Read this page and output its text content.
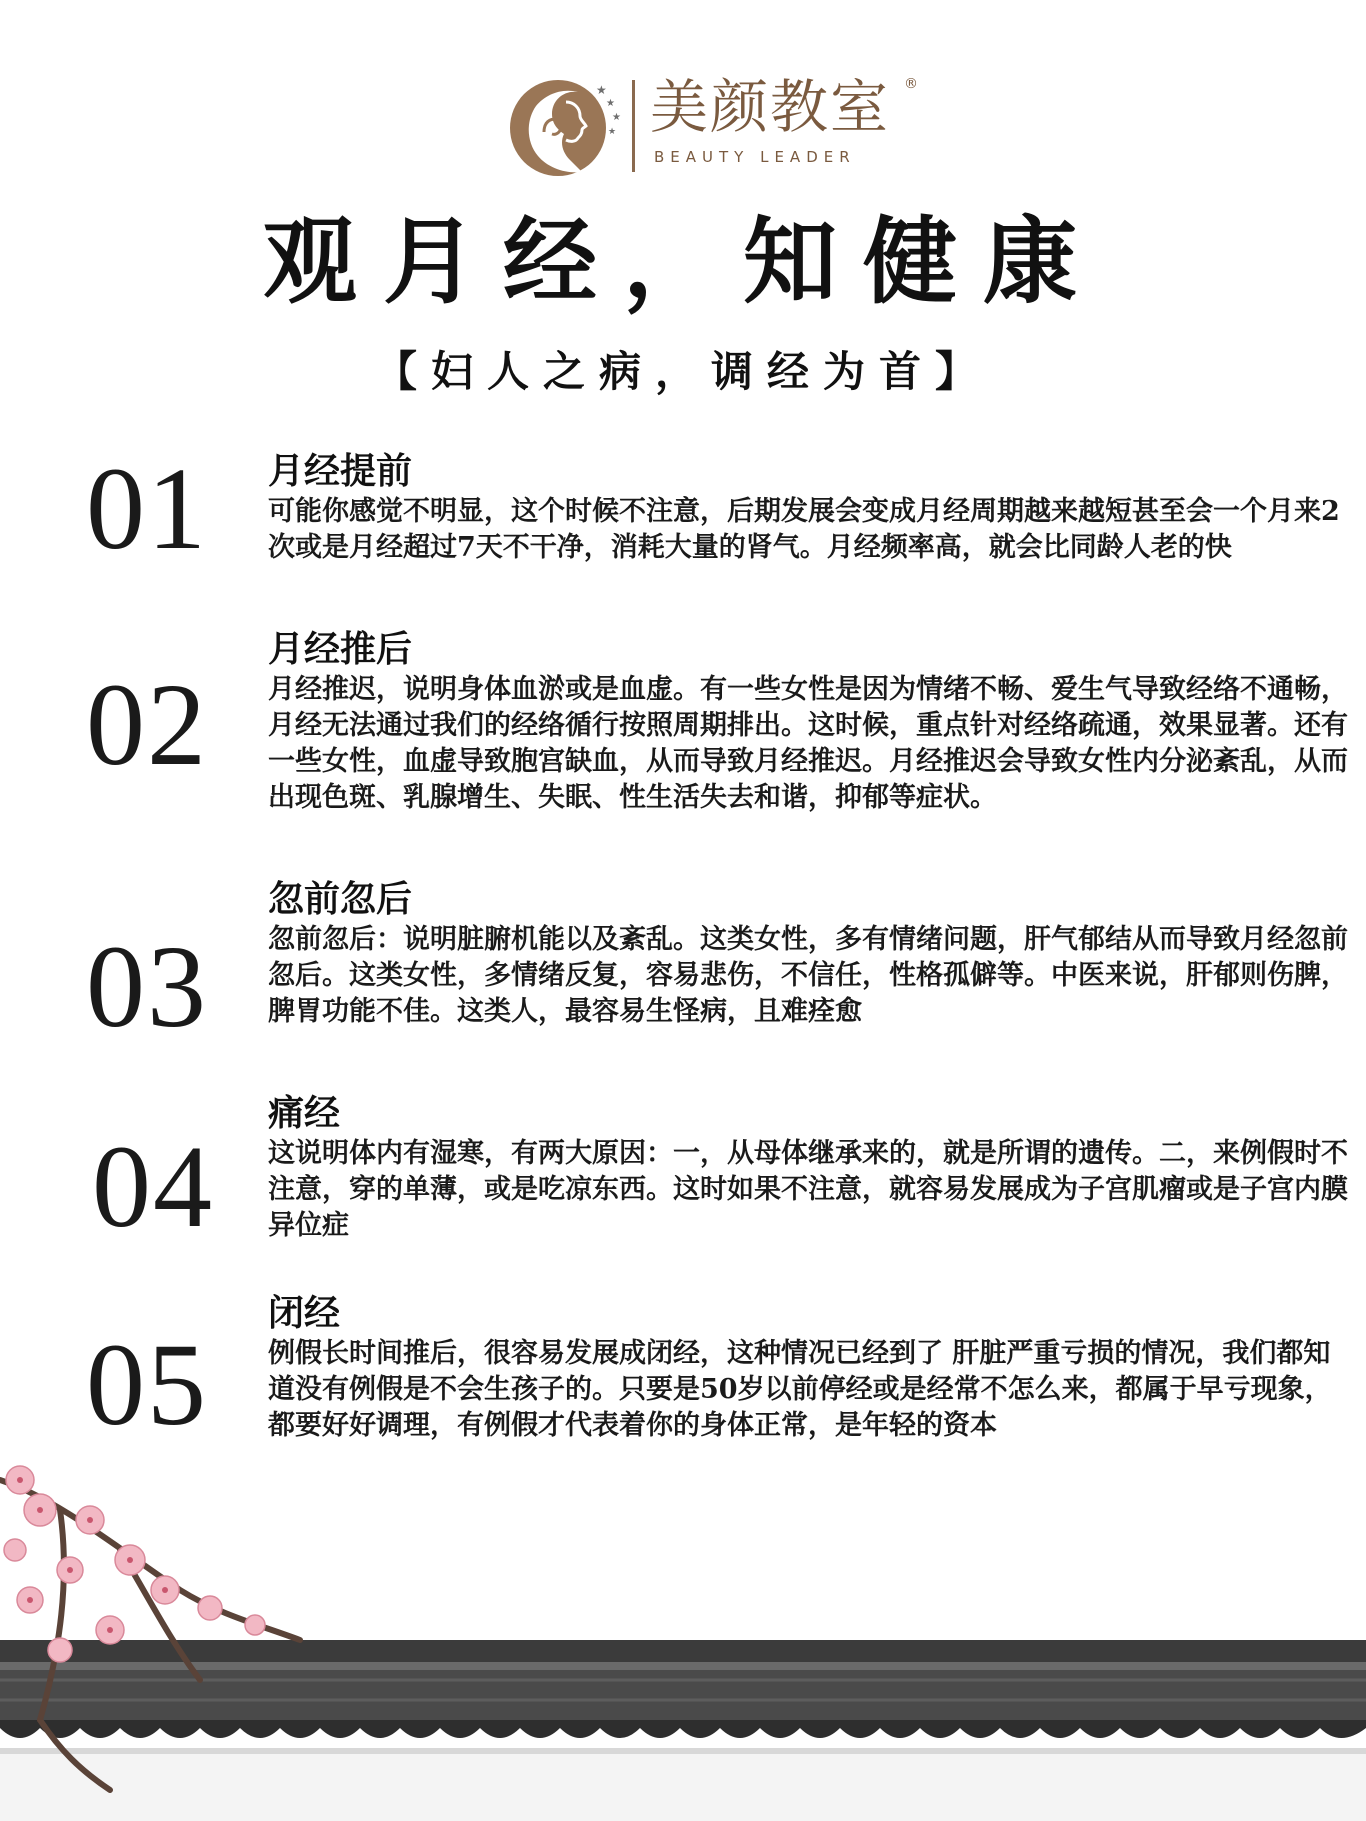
★
★
★
★ 美颜教室 ®
BEAUTY LEADER
观月经，知健康
【妇人之病，调经为首】
01 月经提前
可能你感觉不明显，这个时候不注意，后期发展会变成月经周期越来越短甚至会一个月来2次或是月经超过7天不干净，消耗大量的肾气。月经频率高，就会比同龄人老的快
02
月经推后
月经推迟，说明身体血淤或是血虚。有一些女性是因为情绪不畅、爱生气导致经络不通畅，月经无法通过我们的经络循行按照周期排出。这时候，重点针对经络疏通，效果显著。还有一些女性，血虚导致胞宫缺血，从而导致月经推迟。月经推迟会导致女性内分泌紊乱，从而出现色斑、乳腺增生、失眠、性生活失去和谐，抑郁等症状。
03
忽前忽后
忽前忽后：说明脏腑机能以及紊乱。这类女性，多有情绪问题，肝气郁结从而导致月经忽前忽后。这类女性，多情绪反复，容易悲伤，不信任，性格孤僻等。中医来说，肝郁则伤脾，脾胃功能不佳。这类人，最容易生怪病，且难痊愈
04
痛经
这说明体内有湿寒，有两大原因：一，从母体继承来的，就是所谓的遗传。二，来例假时不注意，穿的单薄，或是吃凉东西。这时如果不注意，就容易发展成为子宫肌瘤或是子宫内膜异位症
05
闭经
例假长时间推后，很容易发展成闭经，这种情况已经到了 肝脏严重亏损的情况，我们都知道没有例假是不会生孩子的。只要是50岁以前停经或是经常不怎么来，都属于早亏现象，都要好好调理，有例假才代表着你的身体正常，是年轻的资本
